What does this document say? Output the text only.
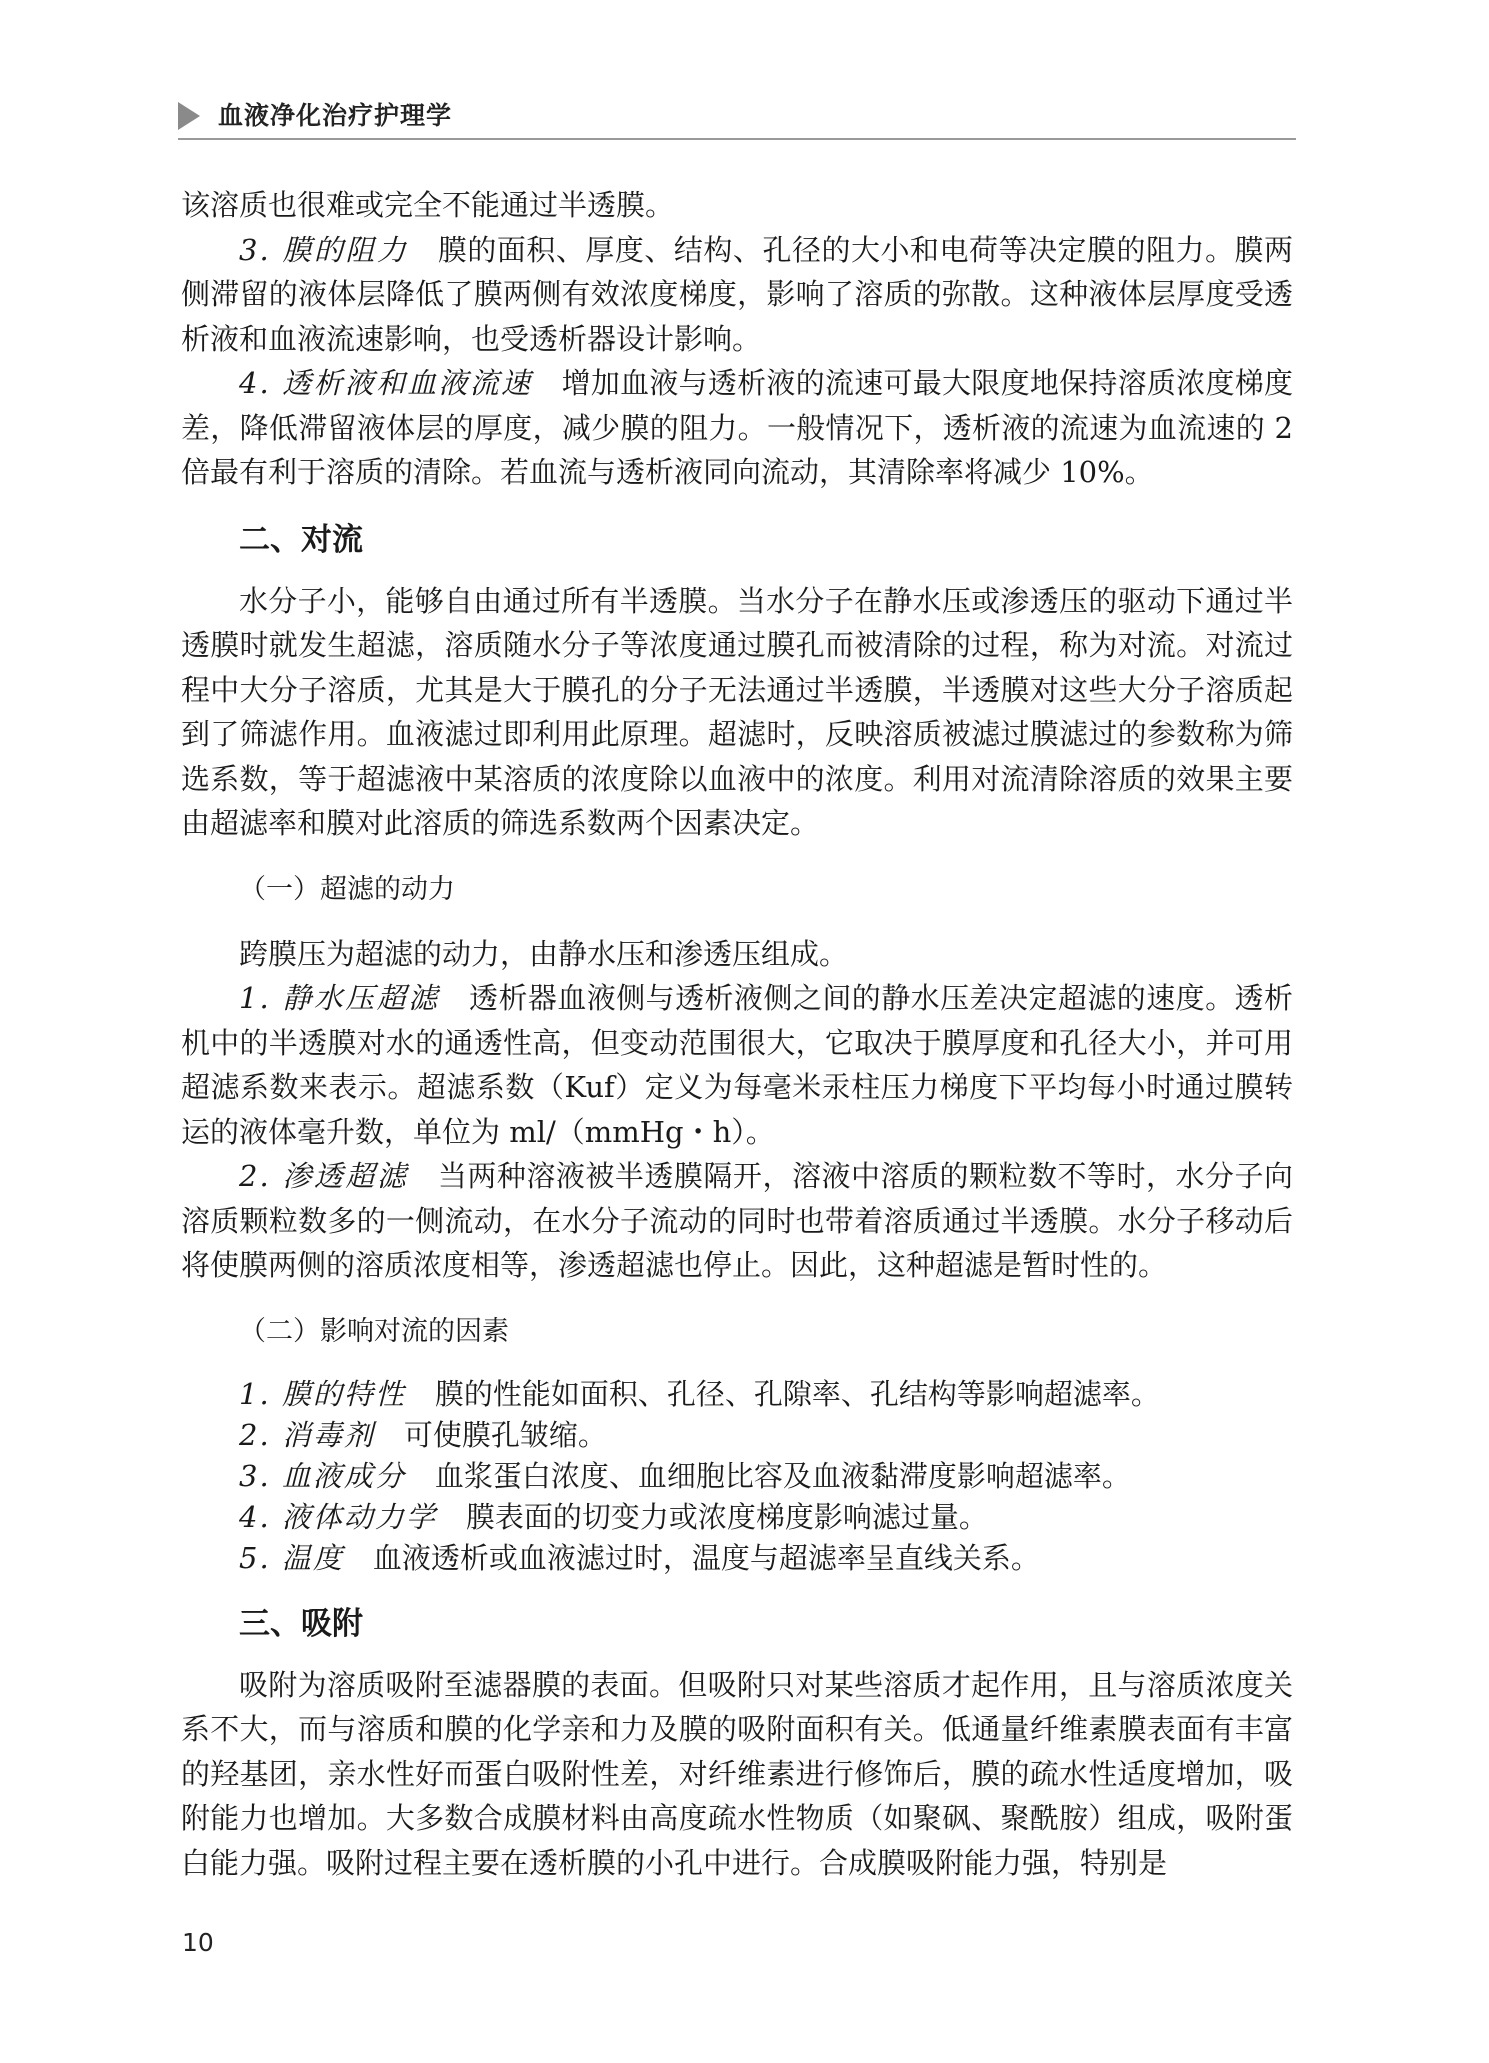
血液净化治疗护理学

该溶质也很难或完全不能通过半透膜。

3. 膜的阻力　膜的面积、厚度、结构、孔径的大小和电荷等决定膜的阻力。膜两侧滞留的液体层降低了膜两侧有效浓度梯度，影响了溶质的弥散。这种液体层厚度受透析液和血液流速影响，也受透析器设计影响。

4. 透析液和血液流速　增加血液与透析液的流速可最大限度地保持溶质浓度梯度差，降低滞留液体层的厚度，减少膜的阻力。一般情况下，透析液的流速为血流速的 2 倍最有利于溶质的清除。若血流与透析液同向流动，其清除率将减少 10%。

二、对流

水分子小，能够自由通过所有半透膜。当水分子在静水压或渗透压的驱动下通过半透膜时就发生超滤，溶质随水分子等浓度通过膜孔而被清除的过程，称为对流。对流过程中大分子溶质，尤其是大于膜孔的分子无法通过半透膜，半透膜对这些大分子溶质起到了筛滤作用。血液滤过即利用此原理。超滤时，反映溶质被滤过膜滤过的参数称为筛选系数，等于超滤液中某溶质的浓度除以血液中的浓度。利用对流清除溶质的效果主要由超滤率和膜对此溶质的筛选系数两个因素决定。

（一）超滤的动力

跨膜压为超滤的动力，由静水压和渗透压组成。

1. 静水压超滤　透析器血液侧与透析液侧之间的静水压差决定超滤的速度。透析机中的半透膜对水的通透性高，但变动范围很大，它取决于膜厚度和孔径大小，并可用超滤系数来表示。超滤系数（Kuf）定义为每毫米汞柱压力梯度下平均每小时通过膜转运的液体毫升数，单位为 ml/（mmHg・h）。

2. 渗透超滤　当两种溶液被半透膜隔开，溶液中溶质的颗粒数不等时，水分子向溶质颗粒数多的一侧流动，在水分子流动的同时也带着溶质通过半透膜。水分子移动后将使膜两侧的溶质浓度相等，渗透超滤也停止。因此，这种超滤是暂时性的。

（二）影响对流的因素

1. 膜的特性　膜的性能如面积、孔径、孔隙率、孔结构等影响超滤率。

2. 消毒剂　可使膜孔皱缩。

3. 血液成分　血浆蛋白浓度、血细胞比容及血液黏滞度影响超滤率。

4. 液体动力学　膜表面的切变力或浓度梯度影响滤过量。

5. 温度　血液透析或血液滤过时，温度与超滤率呈直线关系。

三、吸附

吸附为溶质吸附至滤器膜的表面。但吸附只对某些溶质才起作用，且与溶质浓度关系不大，而与溶质和膜的化学亲和力及膜的吸附面积有关。低通量纤维素膜表面有丰富的羟基团，亲水性好而蛋白吸附性差，对纤维素进行修饰后，膜的疏水性适度增加，吸附能力也增加。大多数合成膜材料由高度疏水性物质（如聚砜、聚酰胺）组成，吸附蛋白能力强。吸附过程主要在透析膜的小孔中进行。合成膜吸附能力强，特别是

10
